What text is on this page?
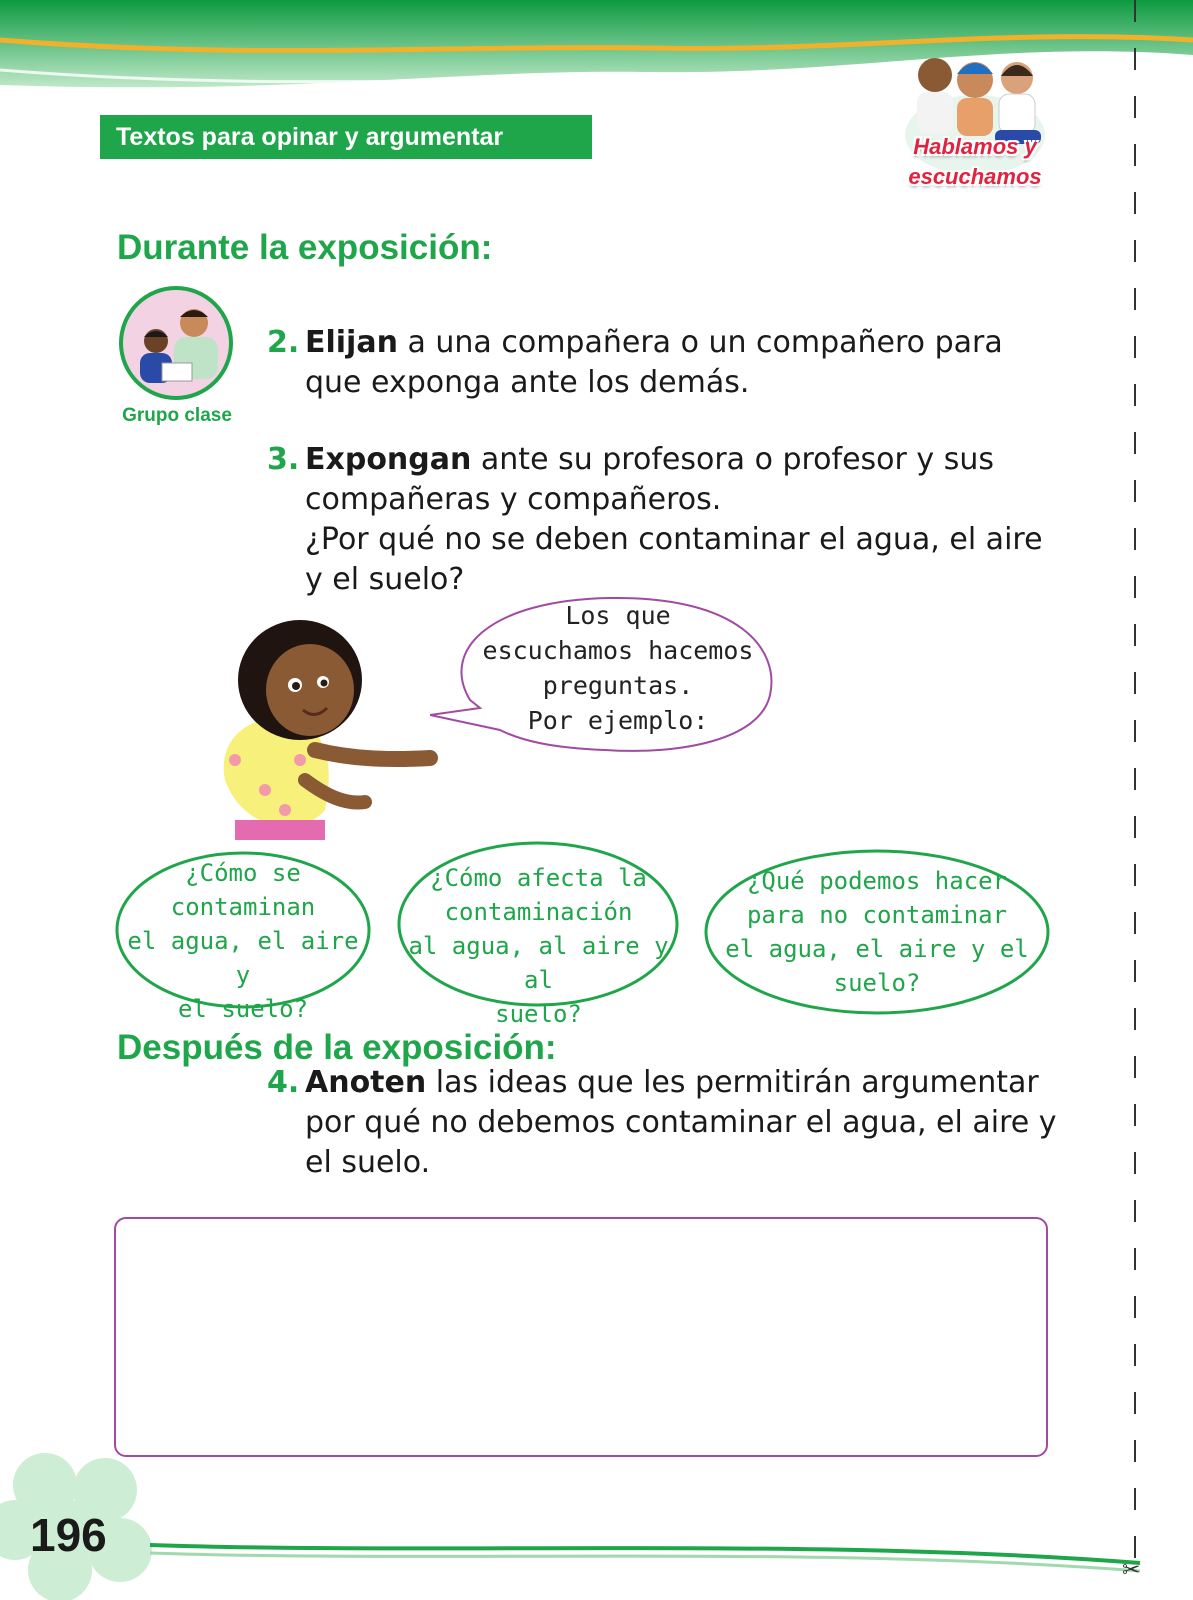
Textos para opinar y argumentar	Hablamos y
escuchamos
Durante la exposición:
Grupo clase
2. Elijan a una compañera o un compañero para que exponga ante los demás.
3. Expongan ante su profesora o profesor y sus compañeras y compañeros.
¿Por qué no se deben contaminar el agua, el aire y el suelo?
Los que
escuchamos hacemos
preguntas.
Por ejemplo:
¿Cómo se
contaminan
el agua, el aire y
el suelo?
¿Cómo afecta la
contaminación
al agua, al aire y al
suelo?
¿Qué podemos hacer
para no contaminar
el agua, el aire y el
suelo?
Después de la exposición:
4. Anoten las ideas que les permitirán argumentar por qué no debemos contaminar el agua, el aire y el suelo.
196
✂
